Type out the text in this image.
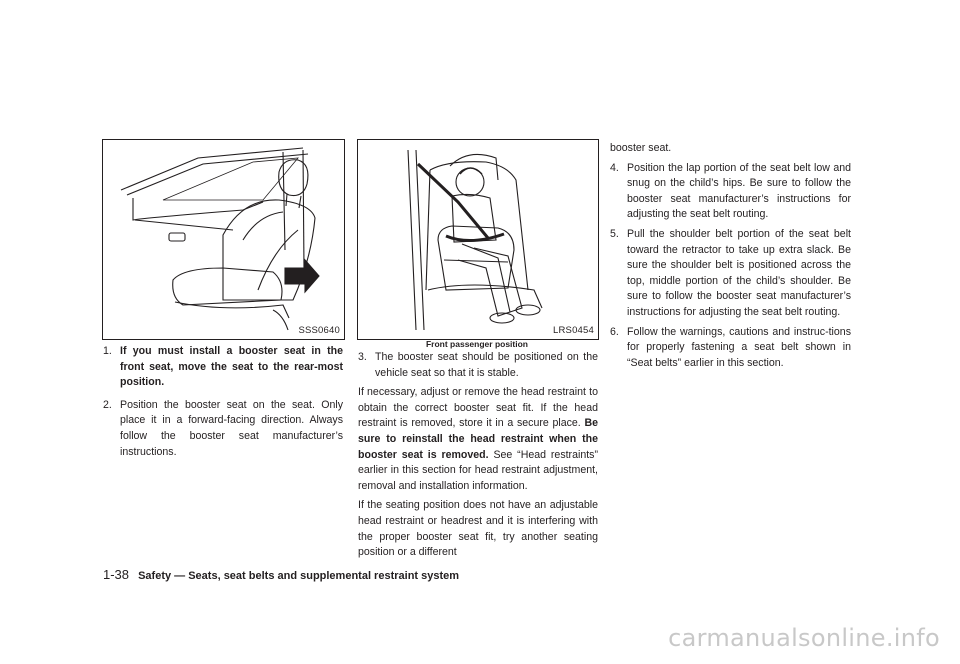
SSS0640	LRS0454
Front passenger position
1. If you must install a booster seat in the front seat, move the seat to the rear-most position.
2. Position the booster seat on the seat. Only place it in a forward-facing direction. Always follow the booster seat manufacturer’s instructions.
3. The booster seat should be positioned on the vehicle seat so that it is stable.

If necessary, adjust or remove the head restraint to obtain the correct booster seat fit. If the head restraint is removed, store it in a secure place. Be sure to reinstall the head restraint when the booster seat is removed. See “Head restraints” earlier in this section for head restraint adjustment, removal and installation information.

If the seating position does not have an adjustable head restraint or headrest and it is interfering with the proper booster seat fit, try another seating position or a different

booster seat.

4. Position the lap portion of the seat belt low and snug on the child’s hips. Be sure to follow the booster seat manufacturer’s instructions for adjusting the seat belt routing.
5. Pull the shoulder belt portion of the seat belt toward the retractor to take up extra slack. Be sure the shoulder belt is positioned across the top, middle portion of the child’s shoulder. Be sure to follow the booster seat manufacturer’s instructions for adjusting the seat belt routing.
6. Follow the warnings, cautions and instruc-tions for properly fastening a seat belt shown in “Seat belts” earlier in this section.
1-38 Safety — Seats, seat belts and supplemental restraint system
carmanualsonline.info
